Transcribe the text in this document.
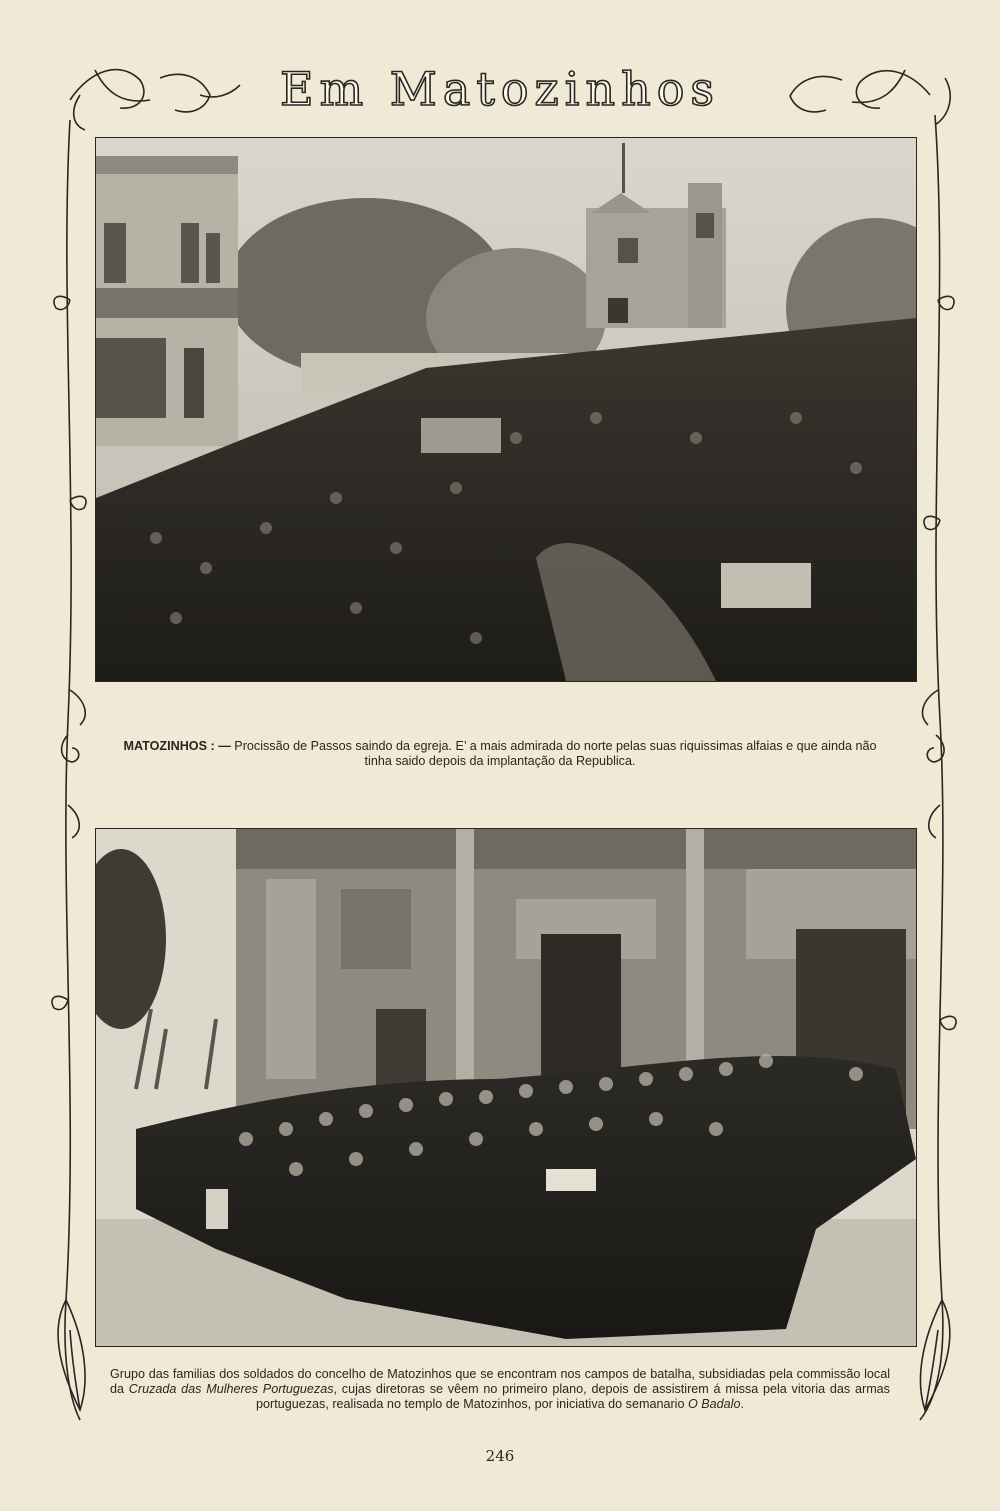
Em Matozinhos
MATOZINHOS : — Procissão de Passos saindo da egreja. E’ a mais admirada do norte pelas suas riquissimas alfaias e que ainda não tinha saido depois da implantação da Republica.
Grupo das familias dos soldados do concelho de Matozinhos que se encontram nos campos de batalha, subsidiadas pela commissão local da Cruzada das Mulheres Portuguezas, cujas diretoras se vêem no primeiro plano, depois de assistirem á missa pela vitoria das armas portuguezas, realisada no templo de Matozinhos, por iniciativa do semanario O Badalo.
246
